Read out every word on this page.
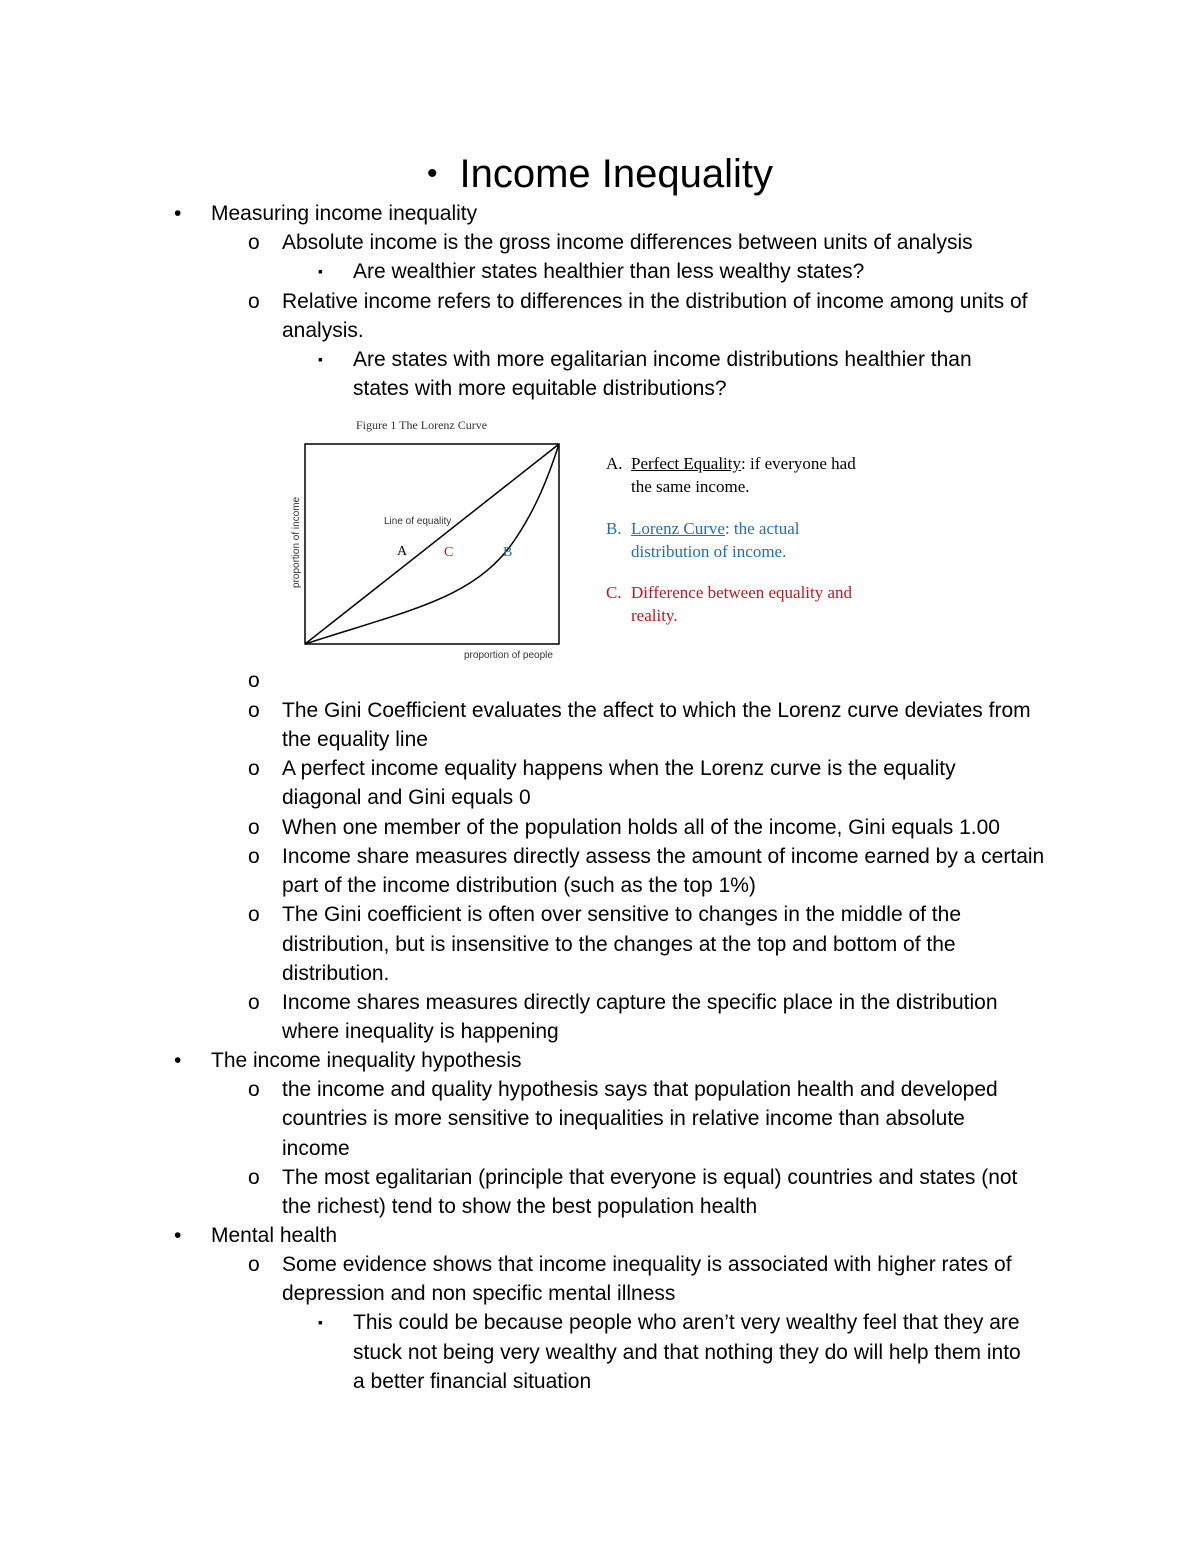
• Income Inequality
• Measuring income inequality
o Absolute income is the gross income differences between units of analysis
▪ Are wealthier states healthier than less wealthy states?
o Relative income refers to differences in the distribution of income among units of
analysis.
▪ Are states with more egalitarian income distributions healthier than
states with more equitable distributions?
Figure 1 The Lorenz Curve
Line of equality
A	C	B
proportion of income
proportion of people
A. Perfect Equality: if everyone had
the same income.
B. Lorenz Curve: the actual
distribution of income.
C. Difference between equality and
reality.
o
o The Gini Coefficient evaluates the affect to which the Lorenz curve deviates from
the equality line
o A perfect income equality happens when the Lorenz curve is the equality
diagonal and Gini equals 0
o When one member of the population holds all of the income, Gini equals 1.00
o Income share measures directly assess the amount of income earned by a certain
part of the income distribution (such as the top 1%)
o The Gini coefficient is often over sensitive to changes in the middle of the
distribution, but is insensitive to the changes at the top and bottom of the
distribution.
o Income shares measures directly capture the specific place in the distribution
where inequality is happening
• The income inequality hypothesis
o the income and quality hypothesis says that population health and developed
countries is more sensitive to inequalities in relative income than absolute
income
o The most egalitarian (principle that everyone is equal) countries and states (not
the richest) tend to show the best population health
• Mental health
o Some evidence shows that income inequality is associated with higher rates of
depression and non specific mental illness
▪ This could be because people who aren’t very wealthy feel that they are
stuck not being very wealthy and that nothing they do will help them into
a better financial situation
